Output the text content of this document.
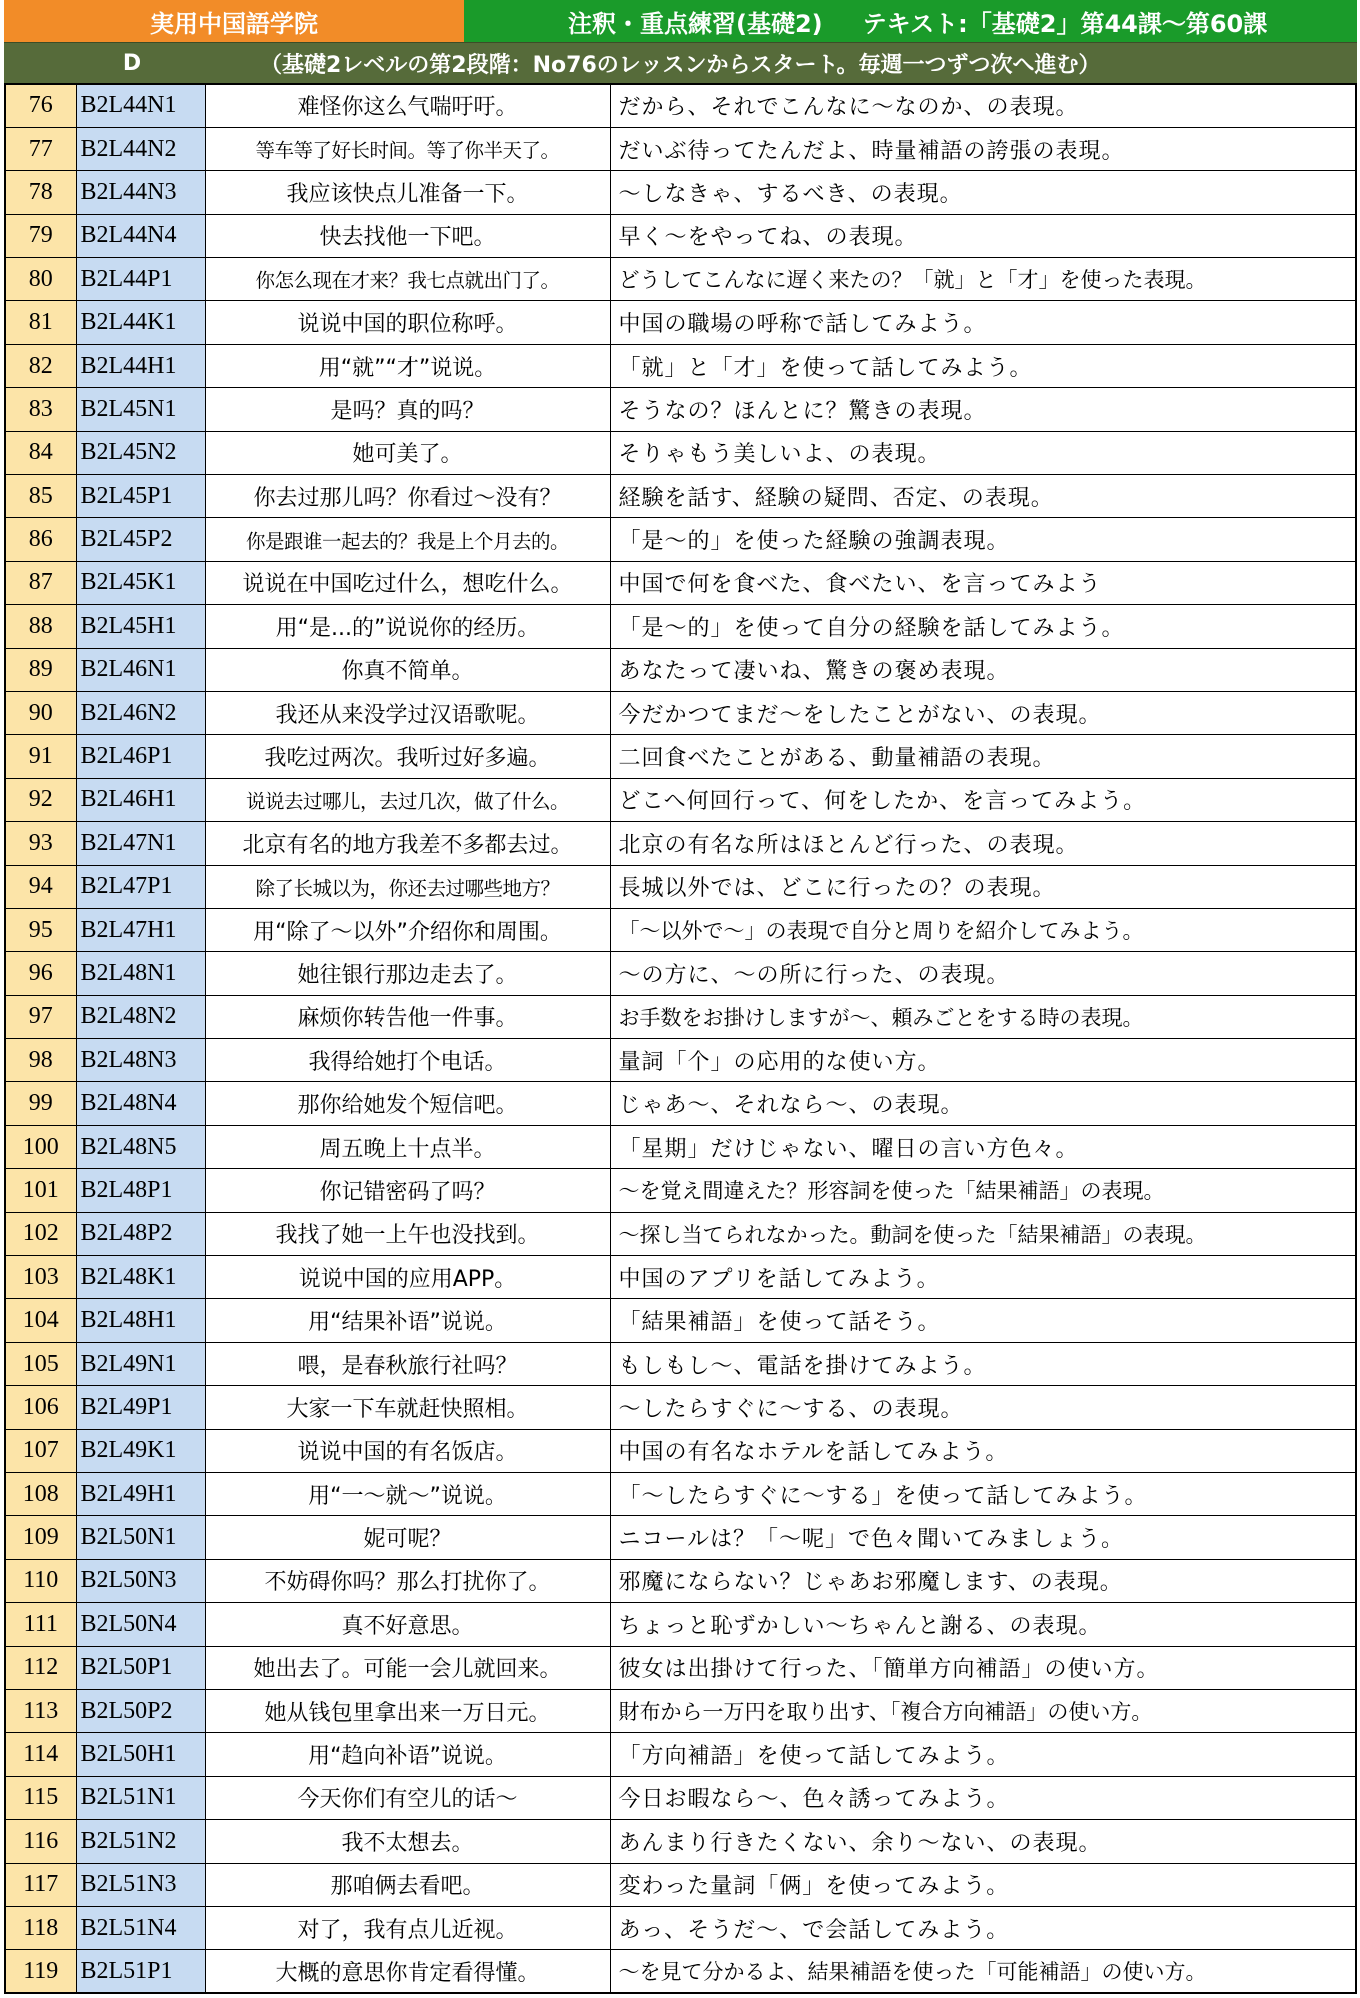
実用中国語学院	注釈・重点練習(基礎2) テキスト:「基礎2」第44課～第60課
D	（基礎2レベルの第2段階：No76のレッスンからスタート。毎週一つずつ次へ進む）
76	B2L44N1	难怪你这么气喘吁吁。	だから、それでこんなに～なのか、の表現。
77	B2L44N2	等车等了好长时间。等了你半天了。	だいぶ待ってたんだよ、時量補語の誇張の表現。
78	B2L44N3	我应该快点儿准备一下。	～しなきゃ、するべき、の表現。
79	B2L44N4	快去找他一下吧。	早く～をやってね、の表現。
80	B2L44P1	你怎么现在才来？我七点就出门了。	どうしてこんなに遅く来たの？「就」と「才」を使った表現。
81	B2L44K1	说说中国的职位称呼。	中国の職場の呼称で話してみよう。
82	B2L44H1	用“就”“才”说说。	「就」と「才」を使って話してみよう。
83	B2L45N1	是吗？真的吗？	そうなの？ほんとに？驚きの表現。
84	B2L45N2	她可美了。	そりゃもう美しいよ、の表現。
85	B2L45P1	你去过那儿吗？你看过～没有？	経験を話す、経験の疑問、否定、の表現。
86	B2L45P2	你是跟谁一起去的？我是上个月去的。	「是～的」を使った経験の強調表現。
87	B2L45K1	说说在中国吃过什么，想吃什么。	中国で何を食べた、食べたい、を言ってみよう
88	B2L45H1	用“是...的”说说你的经历。	「是～的」を使って自分の経験を話してみよう。
89	B2L46N1	你真不简单。	あなたって凄いね、驚きの褒め表現。
90	B2L46N2	我还从来没学过汉语歌呢。	今だかつてまだ～をしたことがない、の表現。
91	B2L46P1	我吃过两次。我听过好多遍。	二回食べたことがある、動量補語の表現。
92	B2L46H1	说说去过哪儿，去过几次，做了什么。	どこへ何回行って、何をしたか、を言ってみよう。
93	B2L47N1	北京有名的地方我差不多都去过。	北京の有名な所はほとんど行った、の表現。
94	B2L47P1	除了长城以为，你还去过哪些地方？	長城以外では、どこに行ったの？の表現。
95	B2L47H1	用“除了～以外”介绍你和周围。	「～以外で～」の表現で自分と周りを紹介してみよう。
96	B2L48N1	她往银行那边走去了。	～の方に、～の所に行った、の表現。
97	B2L48N2	麻烦你转告他一件事。	お手数をお掛けしますが～、頼みごとをする時の表現。
98	B2L48N3	我得给她打个电话。	量詞「个」の応用的な使い方。
99	B2L48N4	那你给她发个短信吧。	じゃあ～、それなら～、の表現。
100	B2L48N5	周五晚上十点半。	「星期」だけじゃない、曜日の言い方色々。
101	B2L48P1	你记错密码了吗？	～を覚え間違えた？形容詞を使った「結果補語」の表現。
102	B2L48P2	我找了她一上午也没找到。	～探し当てられなかった。動詞を使った「結果補語」の表現。
103	B2L48K1	说说中国的应用APP。	中国のアプリを話してみよう。
104	B2L48H1	用“结果补语”说说。	「結果補語」を使って話そう。
105	B2L49N1	喂，是春秋旅行社吗？	もしもし～、電話を掛けてみよう。
106	B2L49P1	大家一下车就赶快照相。	～したらすぐに～する、の表現。
107	B2L49K1	说说中国的有名饭店。	中国の有名なホテルを話してみよう。
108	B2L49H1	用“一～就～”说说。	「～したらすぐに～する」を使って話してみよう。
109	B2L50N1	妮可呢？	ニコールは？「～呢」で色々聞いてみましょう。
110	B2L50N3	不妨碍你吗？那么打扰你了。	邪魔にならない？じゃあお邪魔します、の表現。
111	B2L50N4	真不好意思。	ちょっと恥ずかしい～ちゃんと謝る、の表現。
112	B2L50P1	她出去了。可能一会儿就回来。	彼女は出掛けて行った、「簡単方向補語」の使い方。
113	B2L50P2	她从钱包里拿出来一万日元。	財布から一万円を取り出す、「複合方向補語」の使い方。
114	B2L50H1	用“趋向补语”说说。	「方向補語」を使って話してみよう。
115	B2L51N1	今天你们有空儿的话～	今日お暇なら～、色々誘ってみよう。
116	B2L51N2	我不太想去。	あんまり行きたくない、余り～ない、の表現。
117	B2L51N3	那咱俩去看吧。	変わった量詞「俩」を使ってみよう。
118	B2L51N4	对了，我有点儿近视。	あっ、そうだ～、で会話してみよう。
119	B2L51P1	大概的意思你肯定看得懂。	～を見て分かるよ、結果補語を使った「可能補語」の使い方。
